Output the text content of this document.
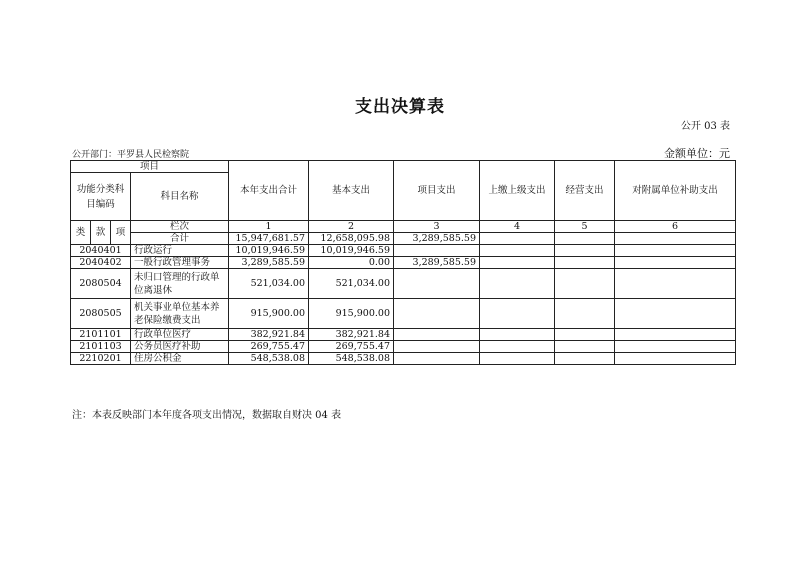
支出决算表
公开 03 表
公开部门：平罗县人民检察院	金额单位：元
项目				本年支出合计	基本支出	项目支出	上缴上级支出	经营支出	对附属单位补助支出
功能分类科目编码			科目名称						

类	款	项	栏次	1	2	3	4	5	6
			合计	15,947,681.57	12,658,095.98	3,289,585.59			
2040401			行政运行	10,019,946.59	10,019,946.59				
2040402			一般行政管理事务	3,289,585.59	0.00	3,289,585.59			
2080504			未归口管理的行政单位离退休	521,034.00	521,034.00				
2080505			机关事业单位基本养老保险缴费支出	915,900.00	915,900.00				
2101101			行政单位医疗	382,921.84	382,921.84				
2101103			公务员医疗补助	269,755.47	269,755.47				
2210201			住房公积金	548,538.08	548,538.08				
注：本表反映部门本年度各项支出情况，数据取自财决 04 表
